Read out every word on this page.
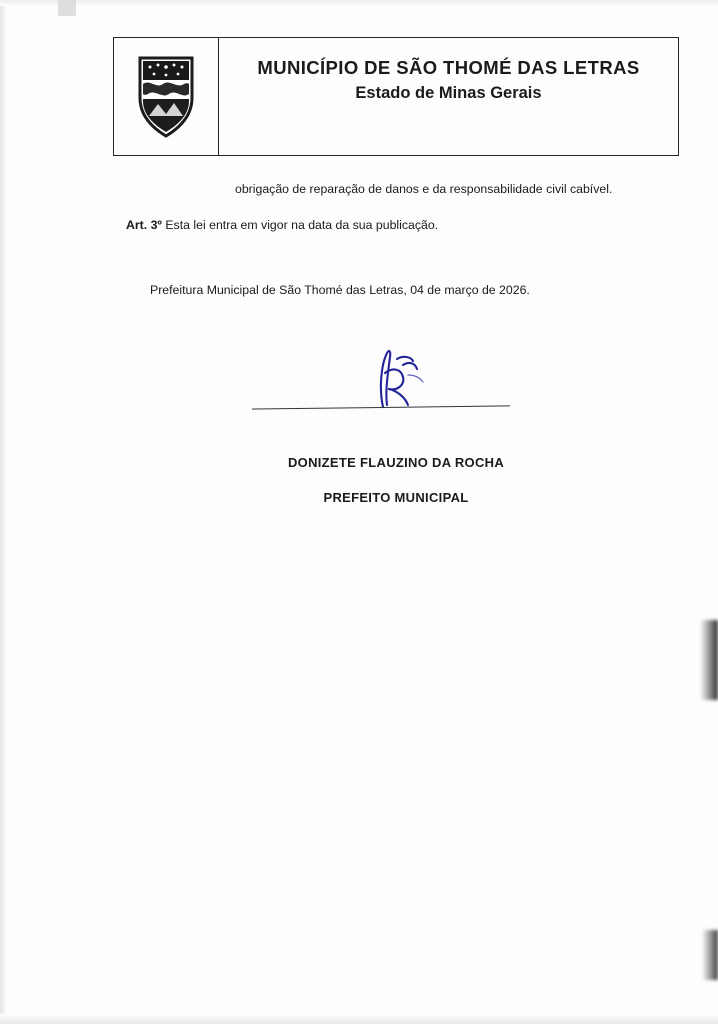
MUNICÍPIO DE SÃO THOMÉ DAS LETRAS
Estado de Minas Gerais
obrigação de reparação de danos e da responsabilidade civil cabível.
Art. 3º Esta lei entra em vigor na data da sua publicação.
Prefeitura Municipal de São Thomé das Letras, 04 de março de 2026.
DONIZETE FLAUZINO DA ROCHA
PREFEITO MUNICIPAL
